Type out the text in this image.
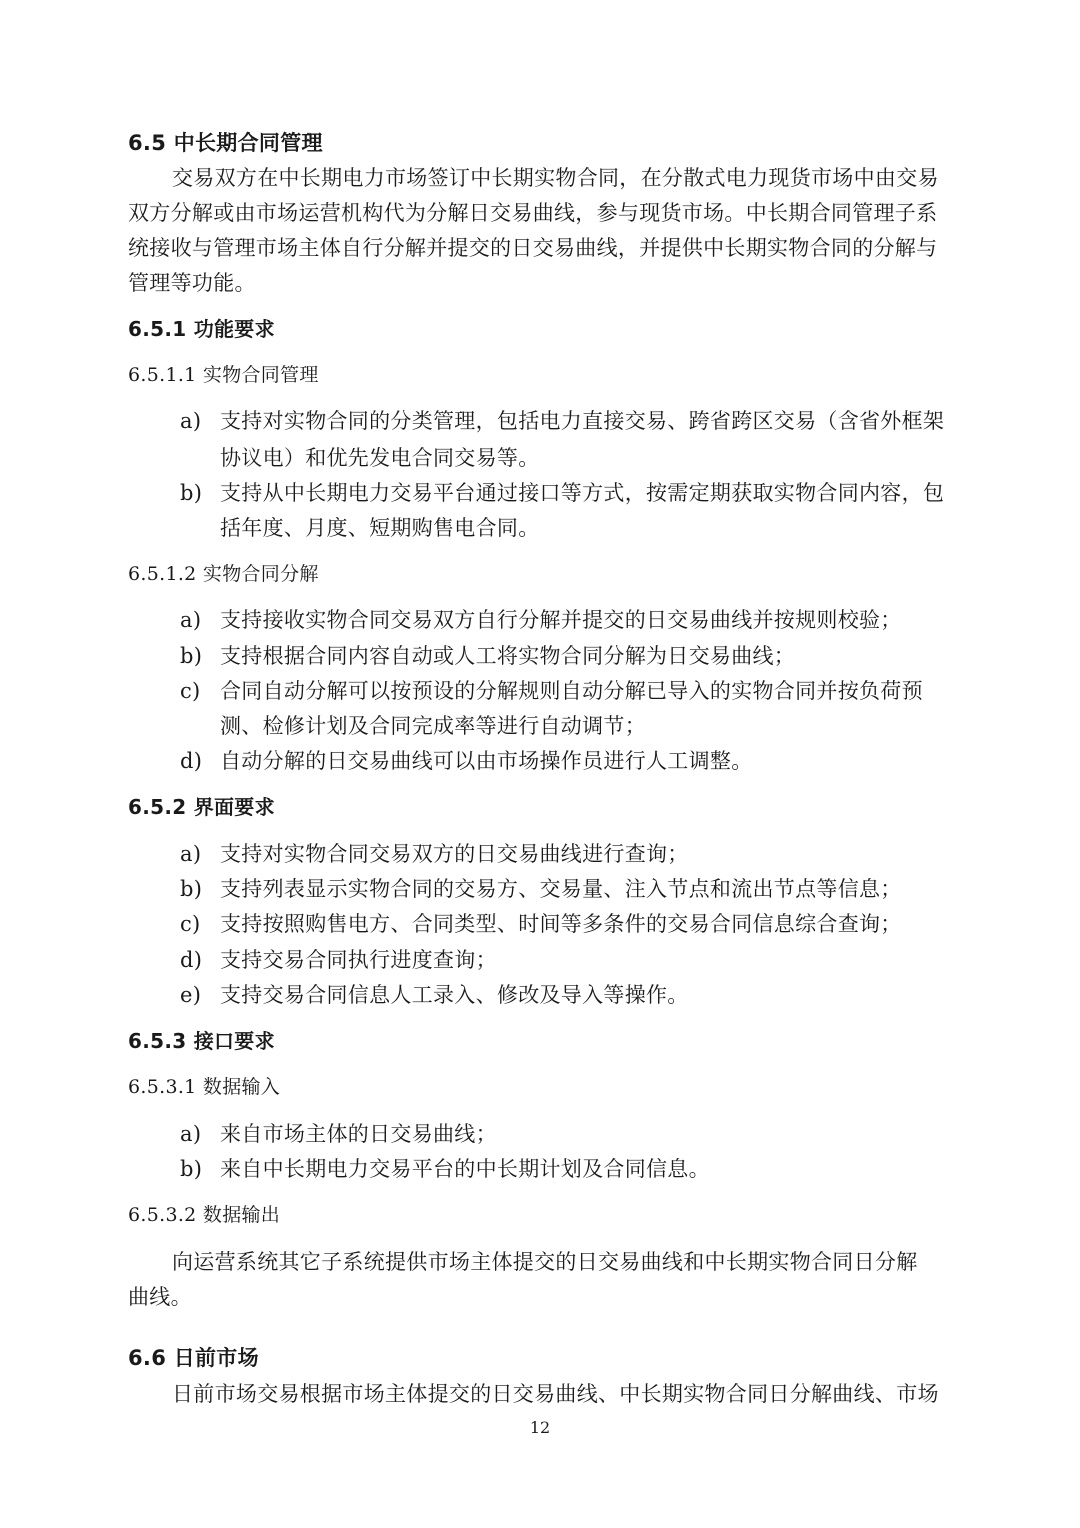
6.5 中长期合同管理
交易双方在中长期电力市场签订中长期实物合同，在分散式电力现货市场中由交易
双方分解或由市场运营机构代为分解日交易曲线，参与现货市场。中长期合同管理子系
统接收与管理市场主体自行分解并提交的日交易曲线，并提供中长期实物合同的分解与
管理等功能。
6.5.1 功能要求
6.5.1.1 实物合同管理
a) 支持对实物合同的分类管理，包括电力直接交易、跨省跨区交易（含省外框架
协议电）和优先发电合同交易等。
b) 支持从中长期电力交易平台通过接口等方式，按需定期获取实物合同内容，包
括年度、月度、短期购售电合同。
6.5.1.2 实物合同分解
a) 支持接收实物合同交易双方自行分解并提交的日交易曲线并按规则校验；
b) 支持根据合同内容自动或人工将实物合同分解为日交易曲线；
c) 合同自动分解可以按预设的分解规则自动分解已导入的实物合同并按负荷预
测、检修计划及合同完成率等进行自动调节；
d) 自动分解的日交易曲线可以由市场操作员进行人工调整。
6.5.2 界面要求
a) 支持对实物合同交易双方的日交易曲线进行查询；
b) 支持列表显示实物合同的交易方、交易量、注入节点和流出节点等信息；
c) 支持按照购售电方、合同类型、时间等多条件的交易合同信息综合查询；
d) 支持交易合同执行进度查询；
e) 支持交易合同信息人工录入、修改及导入等操作。
6.5.3 接口要求
6.5.3.1 数据输入
a) 来自市场主体的日交易曲线；
b) 来自中长期电力交易平台的中长期计划及合同信息。
6.5.3.2 数据输出
向运营系统其它子系统提供市场主体提交的日交易曲线和中长期实物合同日分解
曲线。
6.6 日前市场
日前市场交易根据市场主体提交的日交易曲线、中长期实物合同日分解曲线、市场
12
